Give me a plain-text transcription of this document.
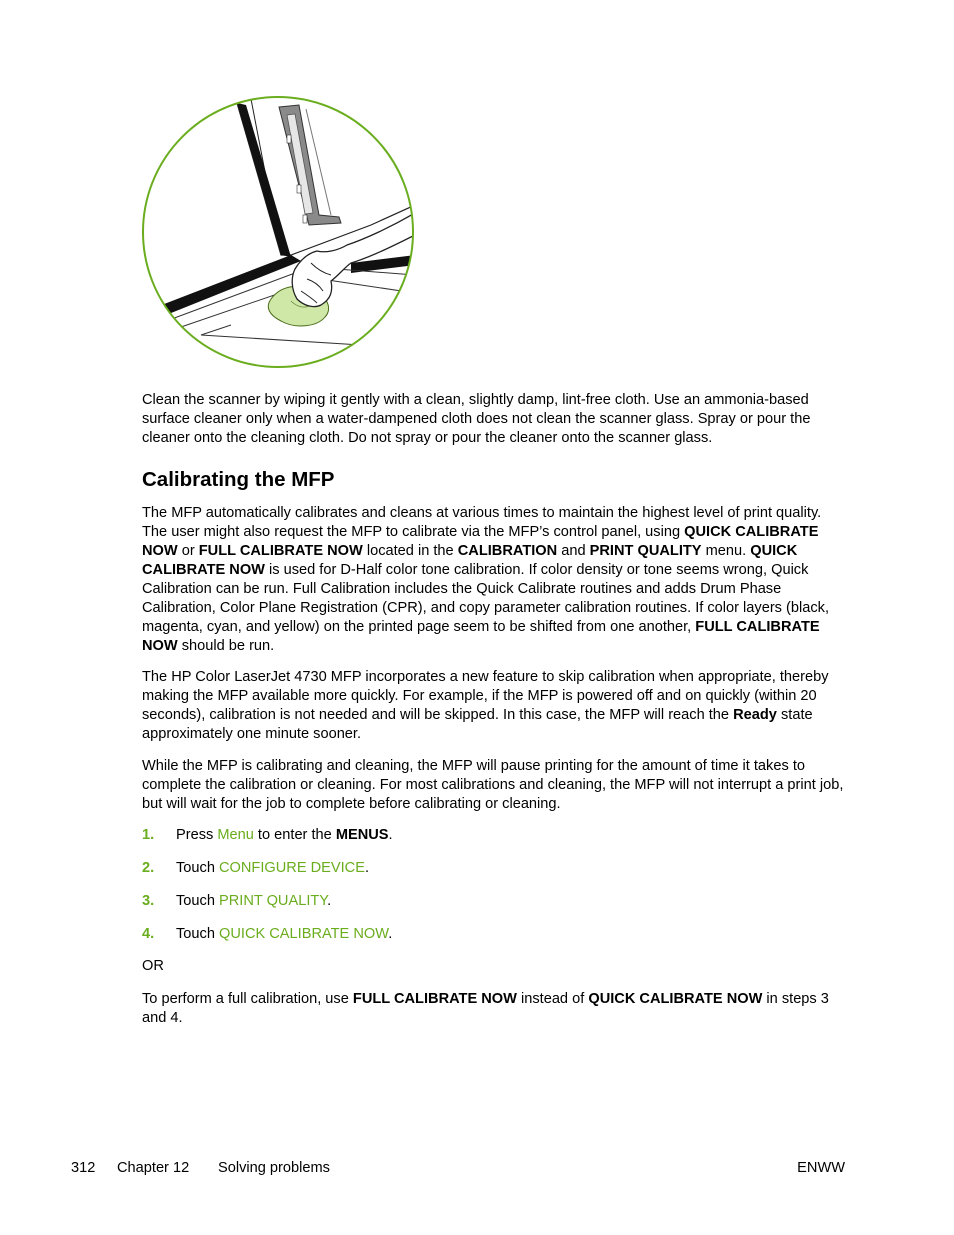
Clean the scanner by wiping it gently with a clean, slightly damp, lint-free cloth. Use an ammonia-based surface cleaner only when a water-dampened cloth does not clean the scanner glass. Spray or pour the cleaner onto the cleaning cloth. Do not spray or pour the cleaner onto the scanner glass.

Calibrating the MFP

The MFP automatically calibrates and cleans at various times to maintain the highest level of print quality. The user might also request the MFP to calibrate via the MFP’s control panel, using QUICK CALIBRATE NOW or FULL CALIBRATE NOW located in the CALIBRATION and PRINT QUALITY menu. QUICK CALIBRATE NOW is used for D-Half color tone calibration. If color density or tone seems wrong, Quick Calibration can be run. Full Calibration includes the Quick Calibrate routines and adds Drum Phase Calibration, Color Plane Registration (CPR), and copy parameter calibration routines. If color layers (black, magenta, cyan, and yellow) on the printed page seem to be shifted from one another, FULL CALIBRATE NOW should be run.

The HP Color LaserJet 4730 MFP incorporates a new feature to skip calibration when appropriate, thereby making the MFP available more quickly. For example, if the MFP is powered off and on quickly (within 20 seconds), calibration is not needed and will be skipped. In this case, the MFP will reach the Ready state approximately one minute sooner.

While the MFP is calibrating and cleaning, the MFP will pause printing for the amount of time it takes to complete the calibration or cleaning. For most calibrations and cleaning, the MFP will not interrupt a print job, but will wait for the job to complete before calibrating or cleaning.

1. Press Menu to enter the MENUS.
2. Touch CONFIGURE DEVICE.
3. Touch PRINT QUALITY.
4. Touch QUICK CALIBRATE NOW.

OR

To perform a full calibration, use FULL CALIBRATE NOW instead of QUICK CALIBRATE NOW in steps 3 and 4.

312 Chapter 12 Solving problems	ENWW
